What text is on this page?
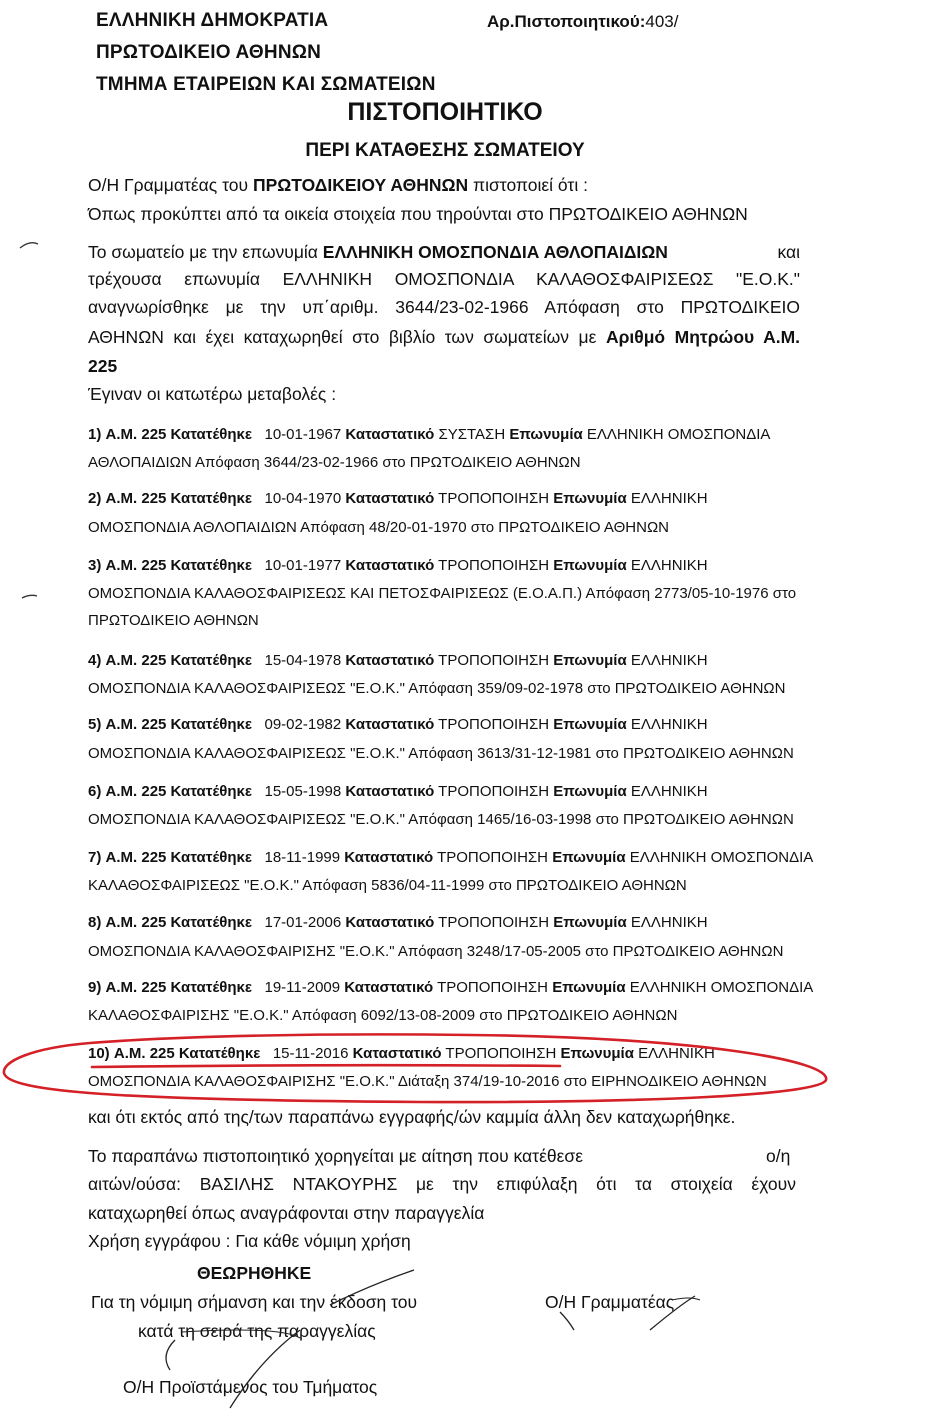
ΕΛΛΗΝΙΚΗ ΔΗΜΟΚΡΑΤΙΑ
ΠΡΩΤΟΔΙΚΕΙΟ ΑΘΗΝΩΝ
ΤΜΗΜΑ ΕΤΑΙΡΕΙΩΝ ΚΑΙ ΣΩΜΑΤΕΙΩΝ
Αρ.Πιστοποιητικού:403/
ΠΙΣΤΟΠΟΙΗΤΙΚΟ
ΠΕΡΙ ΚΑΤΑΘΕΣΗΣ ΣΩΜΑΤΕΙΟΥ
Ο/Η Γραμματέας του ΠΡΩΤΟΔΙΚΕΙΟΥ ΑΘΗΝΩΝ πιστοποιεί ότι :
Όπως προκύπτει από τα οικεία στοιχεία που τηρούνται στο ΠΡΩΤΟΔΙΚΕΙΟ ΑΘΗΝΩΝ
Το σωματείο με την επωνυμία ΕΛΛΗΝΙΚΗ ΟΜΟΣΠΟΝΔΙΑ ΑΘΛΟΠΑΙΔΙΩΝ	και
τρέχουσα επωνυμία ΕΛΛΗΝΙΚΗ ΟΜΟΣΠΟΝΔΙΑ ΚΑΛΑΘΟΣΦΑΙΡΙΣΕΩΣ "Ε.Ο.Κ."
αναγνωρίσθηκε με την υπ΄αριθμ. 3644/23-02-1966 Απόφαση στο ΠΡΩΤΟΔΙΚΕΙΟ
ΑΘΗΝΩΝ και έχει καταχωρηθεί στο βιβλίο των σωματείων με Αριθμό Μητρώου Α.Μ.
225
Έγιναν οι κατωτέρω μεταβολές :
1) Α.Μ. 225 Κατατέθηκε 10-01-1967 Καταστατικό ΣΥΣΤΑΣΗ Επωνυμία ΕΛΛΗΝΙΚΗ ΟΜΟΣΠΟΝΔΙΑ
ΑΘΛΟΠΑΙΔΙΩΝ Απόφαση 3644/23-02-1966 στο ΠΡΩΤΟΔΙΚΕΙΟ ΑΘΗΝΩΝ
2) Α.Μ. 225 Κατατέθηκε 10-04-1970 Καταστατικό ΤΡΟΠΟΠΟΙΗΣΗ Επωνυμία ΕΛΛΗΝΙΚΗ
ΟΜΟΣΠΟΝΔΙΑ ΑΘΛΟΠΑΙΔΙΩΝ Απόφαση 48/20-01-1970 στο ΠΡΩΤΟΔΙΚΕΙΟ ΑΘΗΝΩΝ
3) Α.Μ. 225 Κατατέθηκε 10-01-1977 Καταστατικό ΤΡΟΠΟΠΟΙΗΣΗ Επωνυμία ΕΛΛΗΝΙΚΗ
ΟΜΟΣΠΟΝΔΙΑ ΚΑΛΑΘΟΣΦΑΙΡΙΣΕΩΣ ΚΑΙ ΠΕΤΟΣΦΑΙΡΙΣΕΩΣ (Ε.Ο.Α.Π.) Απόφαση 2773/05-10-1976 στο
ΠΡΩΤΟΔΙΚΕΙΟ ΑΘΗΝΩΝ
4) Α.Μ. 225 Κατατέθηκε 15-04-1978 Καταστατικό ΤΡΟΠΟΠΟΙΗΣΗ Επωνυμία ΕΛΛΗΝΙΚΗ
ΟΜΟΣΠΟΝΔΙΑ ΚΑΛΑΘΟΣΦΑΙΡΙΣΕΩΣ "Ε.Ο.Κ." Απόφαση 359/09-02-1978 στο ΠΡΩΤΟΔΙΚΕΙΟ ΑΘΗΝΩΝ
5) Α.Μ. 225 Κατατέθηκε 09-02-1982 Καταστατικό ΤΡΟΠΟΠΟΙΗΣΗ Επωνυμία ΕΛΛΗΝΙΚΗ
ΟΜΟΣΠΟΝΔΙΑ ΚΑΛΑΘΟΣΦΑΙΡΙΣΕΩΣ "Ε.Ο.Κ." Απόφαση 3613/31-12-1981 στο ΠΡΩΤΟΔΙΚΕΙΟ ΑΘΗΝΩΝ
6) Α.Μ. 225 Κατατέθηκε 15-05-1998 Καταστατικό ΤΡΟΠΟΠΟΙΗΣΗ Επωνυμία ΕΛΛΗΝΙΚΗ
ΟΜΟΣΠΟΝΔΙΑ ΚΑΛΑΘΟΣΦΑΙΡΙΣΕΩΣ "Ε.Ο.Κ." Απόφαση 1465/16-03-1998 στο ΠΡΩΤΟΔΙΚΕΙΟ ΑΘΗΝΩΝ
7) Α.Μ. 225 Κατατέθηκε 18-11-1999 Καταστατικό ΤΡΟΠΟΠΟΙΗΣΗ Επωνυμία ΕΛΛΗΝΙΚΗ ΟΜΟΣΠΟΝΔΙΑ
ΚΑΛΑΘΟΣΦΑΙΡΙΣΕΩΣ "Ε.Ο.Κ." Απόφαση 5836/04-11-1999 στο ΠΡΩΤΟΔΙΚΕΙΟ ΑΘΗΝΩΝ
8) Α.Μ. 225 Κατατέθηκε 17-01-2006 Καταστατικό ΤΡΟΠΟΠΟΙΗΣΗ Επωνυμία ΕΛΛΗΝΙΚΗ
ΟΜΟΣΠΟΝΔΙΑ ΚΑΛΑΘΟΣΦΑΙΡΙΣΗΣ "Ε.Ο.Κ." Απόφαση 3248/17-05-2005 στο ΠΡΩΤΟΔΙΚΕΙΟ ΑΘΗΝΩΝ
9) Α.Μ. 225 Κατατέθηκε 19-11-2009 Καταστατικό ΤΡΟΠΟΠΟΙΗΣΗ Επωνυμία ΕΛΛΗΝΙΚΗ ΟΜΟΣΠΟΝΔΙΑ
ΚΑΛΑΘΟΣΦΑΙΡΙΣΗΣ "Ε.Ο.Κ." Απόφαση 6092/13-08-2009 στο ΠΡΩΤΟΔΙΚΕΙΟ ΑΘΗΝΩΝ
10) Α.Μ. 225 Κατατέθηκε 15-11-2016 Καταστατικό ΤΡΟΠΟΠΟΙΗΣΗ Επωνυμία ΕΛΛΗΝΙΚΗ
ΟΜΟΣΠΟΝΔΙΑ ΚΑΛΑΘΟΣΦΑΙΡΙΣΗΣ "Ε.Ο.Κ." Διάταξη 374/19-10-2016 στο ΕΙΡΗΝΟΔΙΚΕΙΟ ΑΘΗΝΩΝ
και ότι εκτός από της/των παραπάνω εγγραφής/ών καμμία άλλη δεν καταχωρήθηκε.
Το παραπάνω πιστοποιητικό χορηγείται με αίτηση που κατέθεσε	ο/η
αιτών/ούσα: ΒΑΣΙΛΗΣ ΝΤΑΚΟΥΡΗΣ με την επιφύλαξη ότι τα στοιχεία έχουν
καταχωρηθεί όπως αναγράφονται στην παραγγελία
Χρήση εγγράφου : Για κάθε νόμιμη χρήση
ΘΕΩΡΗΘΗΚΕ
Για τη νόμιμη σήμανση και την έκδοση του
κατά τη σειρά της παραγγελίας
Ο/Η Προϊστάμενος του Τμήματος
Ο/Η Γραμματέας
